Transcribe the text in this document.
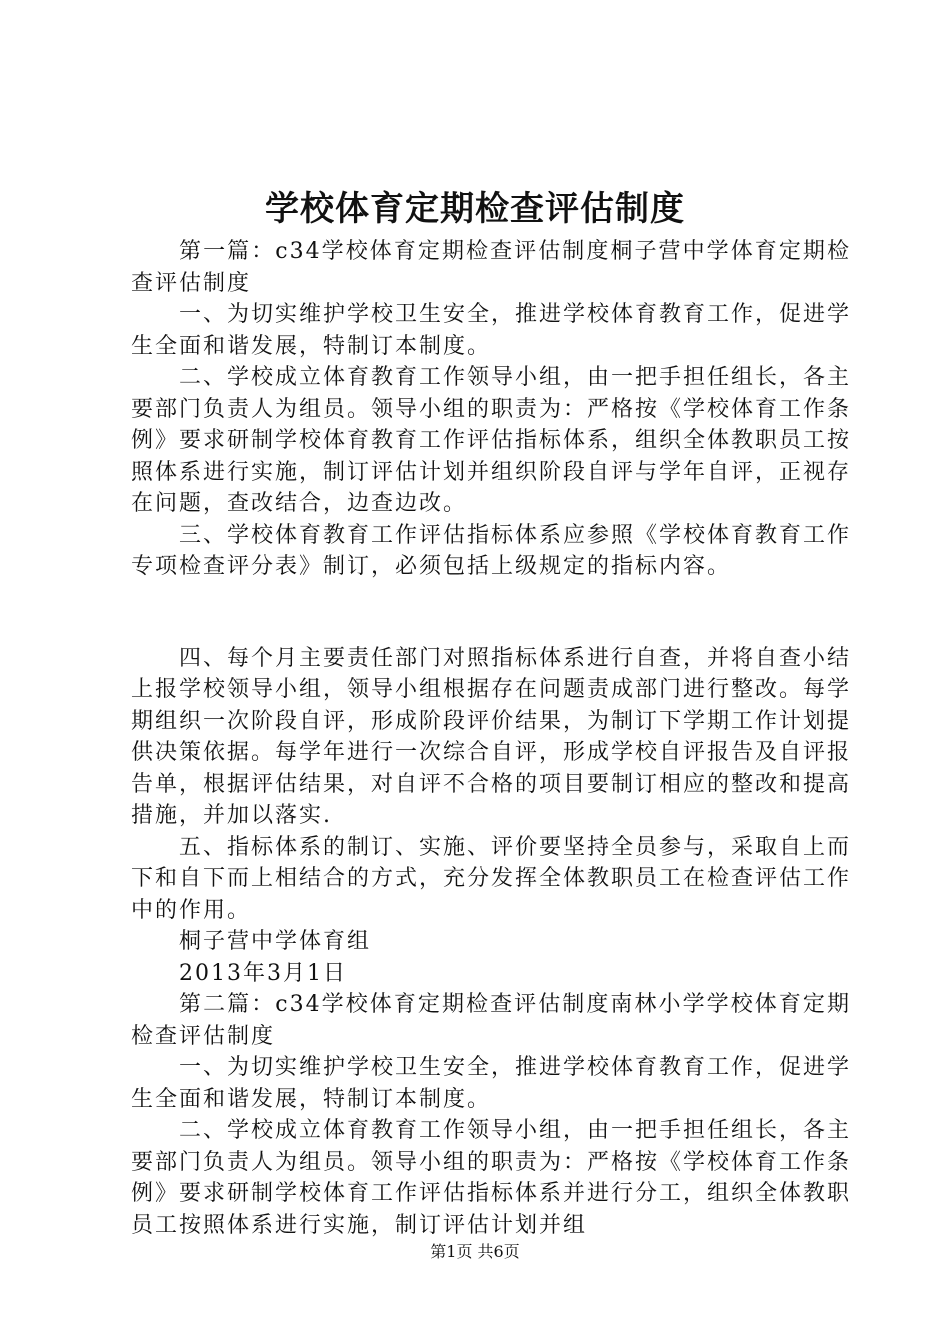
学校体育定期检查评估制度

第一篇：c34学校体育定期检查评估制度桐子营中学体育定期检查评估制度

一、为切实维护学校卫生安全，推进学校体育教育工作，促进学生全面和谐发展，特制订本制度。

二、学校成立体育教育工作领导小组，由一把手担任组长，各主要部门负责人为组员。领导小组的职责为：严格按《学校体育工作条例》要求研制学校体育教育工作评估指标体系，组织全体教职员工按照体系进行实施，制订评估计划并组织阶段自评与学年自评，正视存在问题，查改结合，边查边改。

三、学校体育教育工作评估指标体系应参照《学校体育教育工作专项检查评分表》制订，必须包括上级规定的指标内容。

四、每个月主要责任部门对照指标体系进行自查，并将自查小结上报学校领导小组，领导小组根据存在问题责成部门进行整改。每学期组织一次阶段自评，形成阶段评价结果，为制订下学期工作计划提供决策依据。每学年进行一次综合自评，形成学校自评报告及自评报告单，根据评估结果，对自评不合格的项目要制订相应的整改和提高措施，并加以落实.

五、指标体系的制订、实施、评价要坚持全员参与，采取自上而下和自下而上相结合的方式，充分发挥全体教职员工在检查评估工作中的作用。

桐子营中学体育组

2013年3月1日

第二篇：c34学校体育定期检查评估制度南林小学学校体育定期检查评估制度

一、为切实维护学校卫生安全，推进学校体育教育工作，促进学生全面和谐发展，特制订本制度。

二、学校成立体育教育工作领导小组，由一把手担任组长，各主要部门负责人为组员。领导小组的职责为：严格按《学校体育工作条例》要求研制学校体育工作评估指标体系并进行分工，组织全体教职员工按照体系进行实施，制订评估计划并组

第1页 共6页
